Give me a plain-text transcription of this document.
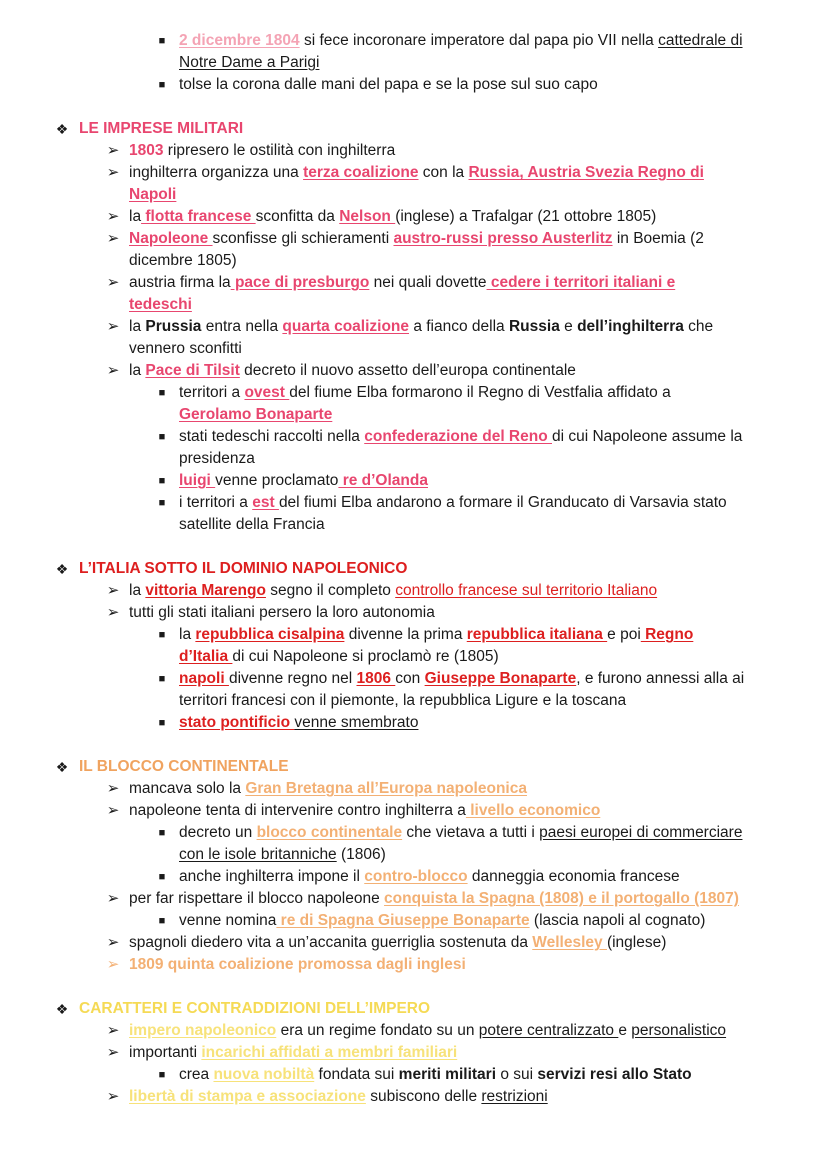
■ 2 dicembre 1804 si fece incoronare imperatore dal papa pio VII nella cattedrale di
Notre Dame a Parigi
■ tolse la corona dalle mani del papa e se la pose sul suo capo
❖ LE IMPRESE MILITARI
➢ 1803 ripresero le ostilità con inghilterra
➢ inghilterra organizza una terza coalizione con la Russia, Austria Svezia Regno di
Napoli
➢ la flotta francese sconfitta da Nelson (inglese) a Trafalgar (21 ottobre 1805)
➢ Napoleone sconfisse gli schieramenti austro-russi presso Austerlitz in Boemia (2
dicembre 1805)
➢ austria firma la pace di presburgo nei quali dovette cedere i territori italiani e
tedeschi
➢ la Prussia entra nella quarta coalizione a fianco della Russia e dell’inghilterra che
vennero sconfitti
➢ la Pace di Tilsit decreto il nuovo assetto dell’europa continentale
■ territori a ovest del fiume Elba formarono il Regno di Vestfalia affidato a
Gerolamo Bonaparte
■ stati tedeschi raccolti nella confederazione del Reno di cui Napoleone assume la
presidenza
■ luigi venne proclamato re d’Olanda
■ i territori a est del fiumi Elba andarono a formare il Granducato di Varsavia stato
satellite della Francia
❖ L’ITALIA SOTTO IL DOMINIO NAPOLEONICO
➢ la vittoria Marengo segno il completo controllo francese sul territorio Italiano
➢ tutti gli stati italiani persero la loro autonomia
■ la repubblica cisalpina divenne la prima repubblica italiana e poi Regno
d’Italia di cui Napoleone si proclamò re (1805)
■ napoli divenne regno nel 1806 con Giuseppe Bonaparte, e furono annessi alla ai
territori francesi con il piemonte, la repubblica Ligure e la toscana
■ stato pontificio venne smembrato
❖ IL BLOCCO CONTINENTALE
➢ mancava solo la Gran Bretagna all’Europa napoleonica
➢ napoleone tenta di intervenire contro inghilterra a livello economico
■ decreto un blocco continentale che vietava a tutti i paesi europei di commerciare
con le isole britanniche (1806)
■ anche inghilterra impone il contro-blocco danneggia economia francese
➢ per far rispettare il blocco napoleone conquista la Spagna (1808) e il portogallo (1807)
■ venne nomina re di Spagna Giuseppe Bonaparte (lascia napoli al cognato)
➢ spagnoli diedero vita a un’accanita guerriglia sostenuta da Wellesley (inglese)
➢ 1809 quinta coalizione promossa dagli inglesi
❖ CARATTERI E CONTRADDIZIONI DELL’IMPERO
➢ impero napoleonico era un regime fondato su un potere centralizzato e personalistico
➢ importanti incarichi affidati a membri familiari
■ crea nuova nobiltà fondata sui meriti militari o sui servizi resi allo Stato
➢ libertà di stampa e associazione subiscono delle restrizioni
